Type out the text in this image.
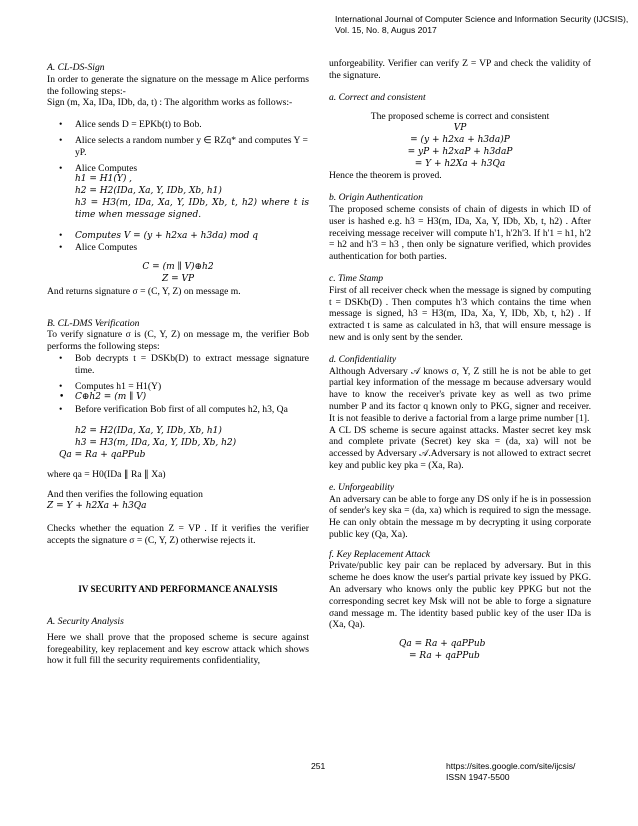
International Journal of Computer Science and Information Security (IJCSIS),
Vol. 15, No. 8, Augus 2017

A. CL-DS-Sign

In order to generate the signature on the message m Alice performs the following steps:-

Sign (m, Xa, IDa, IDb, da, t) : The algorithm works as follows:-

• Alice sends D = EPKb(t) to Bob.
• Alice selects a random number y ∈ RZq* and computes Y = yP.
• Alice Computes

h1 = H1(Y) ,

h2 = H2(IDa, Xa, Y, IDb, Xb, h1)

h3 = H3(m, IDa, Xa, Y, IDb, Xb, t, h2) where t is time when message signed.

• Computes V = (y + h2xa + h3da) mod q
• Alice Computes

C = (m ∥ V)⊕h2

Z = VP

And returns signature σ = (C, Y, Z) on message m.

B. CL-DMS Verification

To verify signature σ is (C, Y, Z) on message m, the verifier Bob performs the following steps:

• Bob decrypts t = DSKb(D) to extract message signature time.
• Computes h1 = H1(Y)
• C⊕h2 = (m ∥ V)
• Before verification Bob first of all computes h2, h3, Qa

h2 = H2(IDa, Xa, Y, IDb, Xb, h1)

h3 = H3(m, IDa, Xa, Y, IDb, Xb, h2)

Qa = Ra + qaPPub

where qa = H0(IDa ∥ Ra ∥ Xa)

And then verifies the following equation

Z = Y + h2Xa + h3Qa

Checks whether the equation Z = VP . If it verifies the verifier accepts the signature σ = (C, Y, Z) otherwise rejects it.

IV SECURITY AND PERFORMANCE ANALYSIS

A. Security Analysis

Here we shall prove that the proposed scheme is secure against foregeability, key replacement and key escrow attack which shows how it full fill the security requirements confidentiality,

unforgeability. Verifier can verify Z = VP and check the validity of the signature.

a. Correct and consistent

The proposed scheme is correct and consistent

VP

= (y + h2xa + h3da)P

= yP + h2xaP + h3daP

= Y + h2Xa + h3Qa

Hence the theorem is proved.

b. Origin Authentication

The proposed scheme consists of chain of digests in which ID of user is hashed e.g. h3 = H3(m, IDa, Xa, Y, IDb, Xb, t, h2) . After receiving message receiver will compute h'1, h'2h'3. If h'1 = h1, h'2 = h2 and h'3 = h3 , then only be signature verified, which provides authentication for both parties.

c. Time Stamp

First of all receiver check when the message is signed by computing t = DSKb(D) . Then computes h'3 which contains the time when message is signed, h3 = H3(m, IDa, Xa, Y, IDb, Xb, t, h2) . If extracted t is same as calculated in h3, that will ensure message is new and is only sent by the sender.

d. Confidentiality

Although Adversary 𝒜 knows σ, Y, Z still he is not be able to get partial key information of the message m because adversary would have to know the receiver's private key as well as two prime number P and its factor q known only to PKG, signer and receiver. It is not feasible to derive a factorial from a large prime number [1].

A CL DS scheme is secure against attacks. Master secret key msk and complete private (Secret) key ska = (da, xa) will not be accessed by Adversary 𝒜.Adversary is not allowed to extract secret key and public key pka = (Xa, Ra).

e. Unforgeability

An adversary can be able to forge any DS only if he is in possession of sender's key ska = (da, xa) which is required to sign the message. He can only obtain the message m by decrypting it using corporate public key (Qa, Xa).

f. Key Replacement Attack

Private/public key pair can be replaced by adversary. But in this scheme he does know the user's partial private key issued by PKG. An adversary who knows only the public key PPKG but not the corresponding secret key Msk will not be able to forge a signature σand message m. The identity based public key of the user IDa is (Xa, Qa).

Qa = Ra + qaPPub

= Ra + qaPPub

251	https://sites.google.com/site/ijcsis/
ISSN 1947-5500
